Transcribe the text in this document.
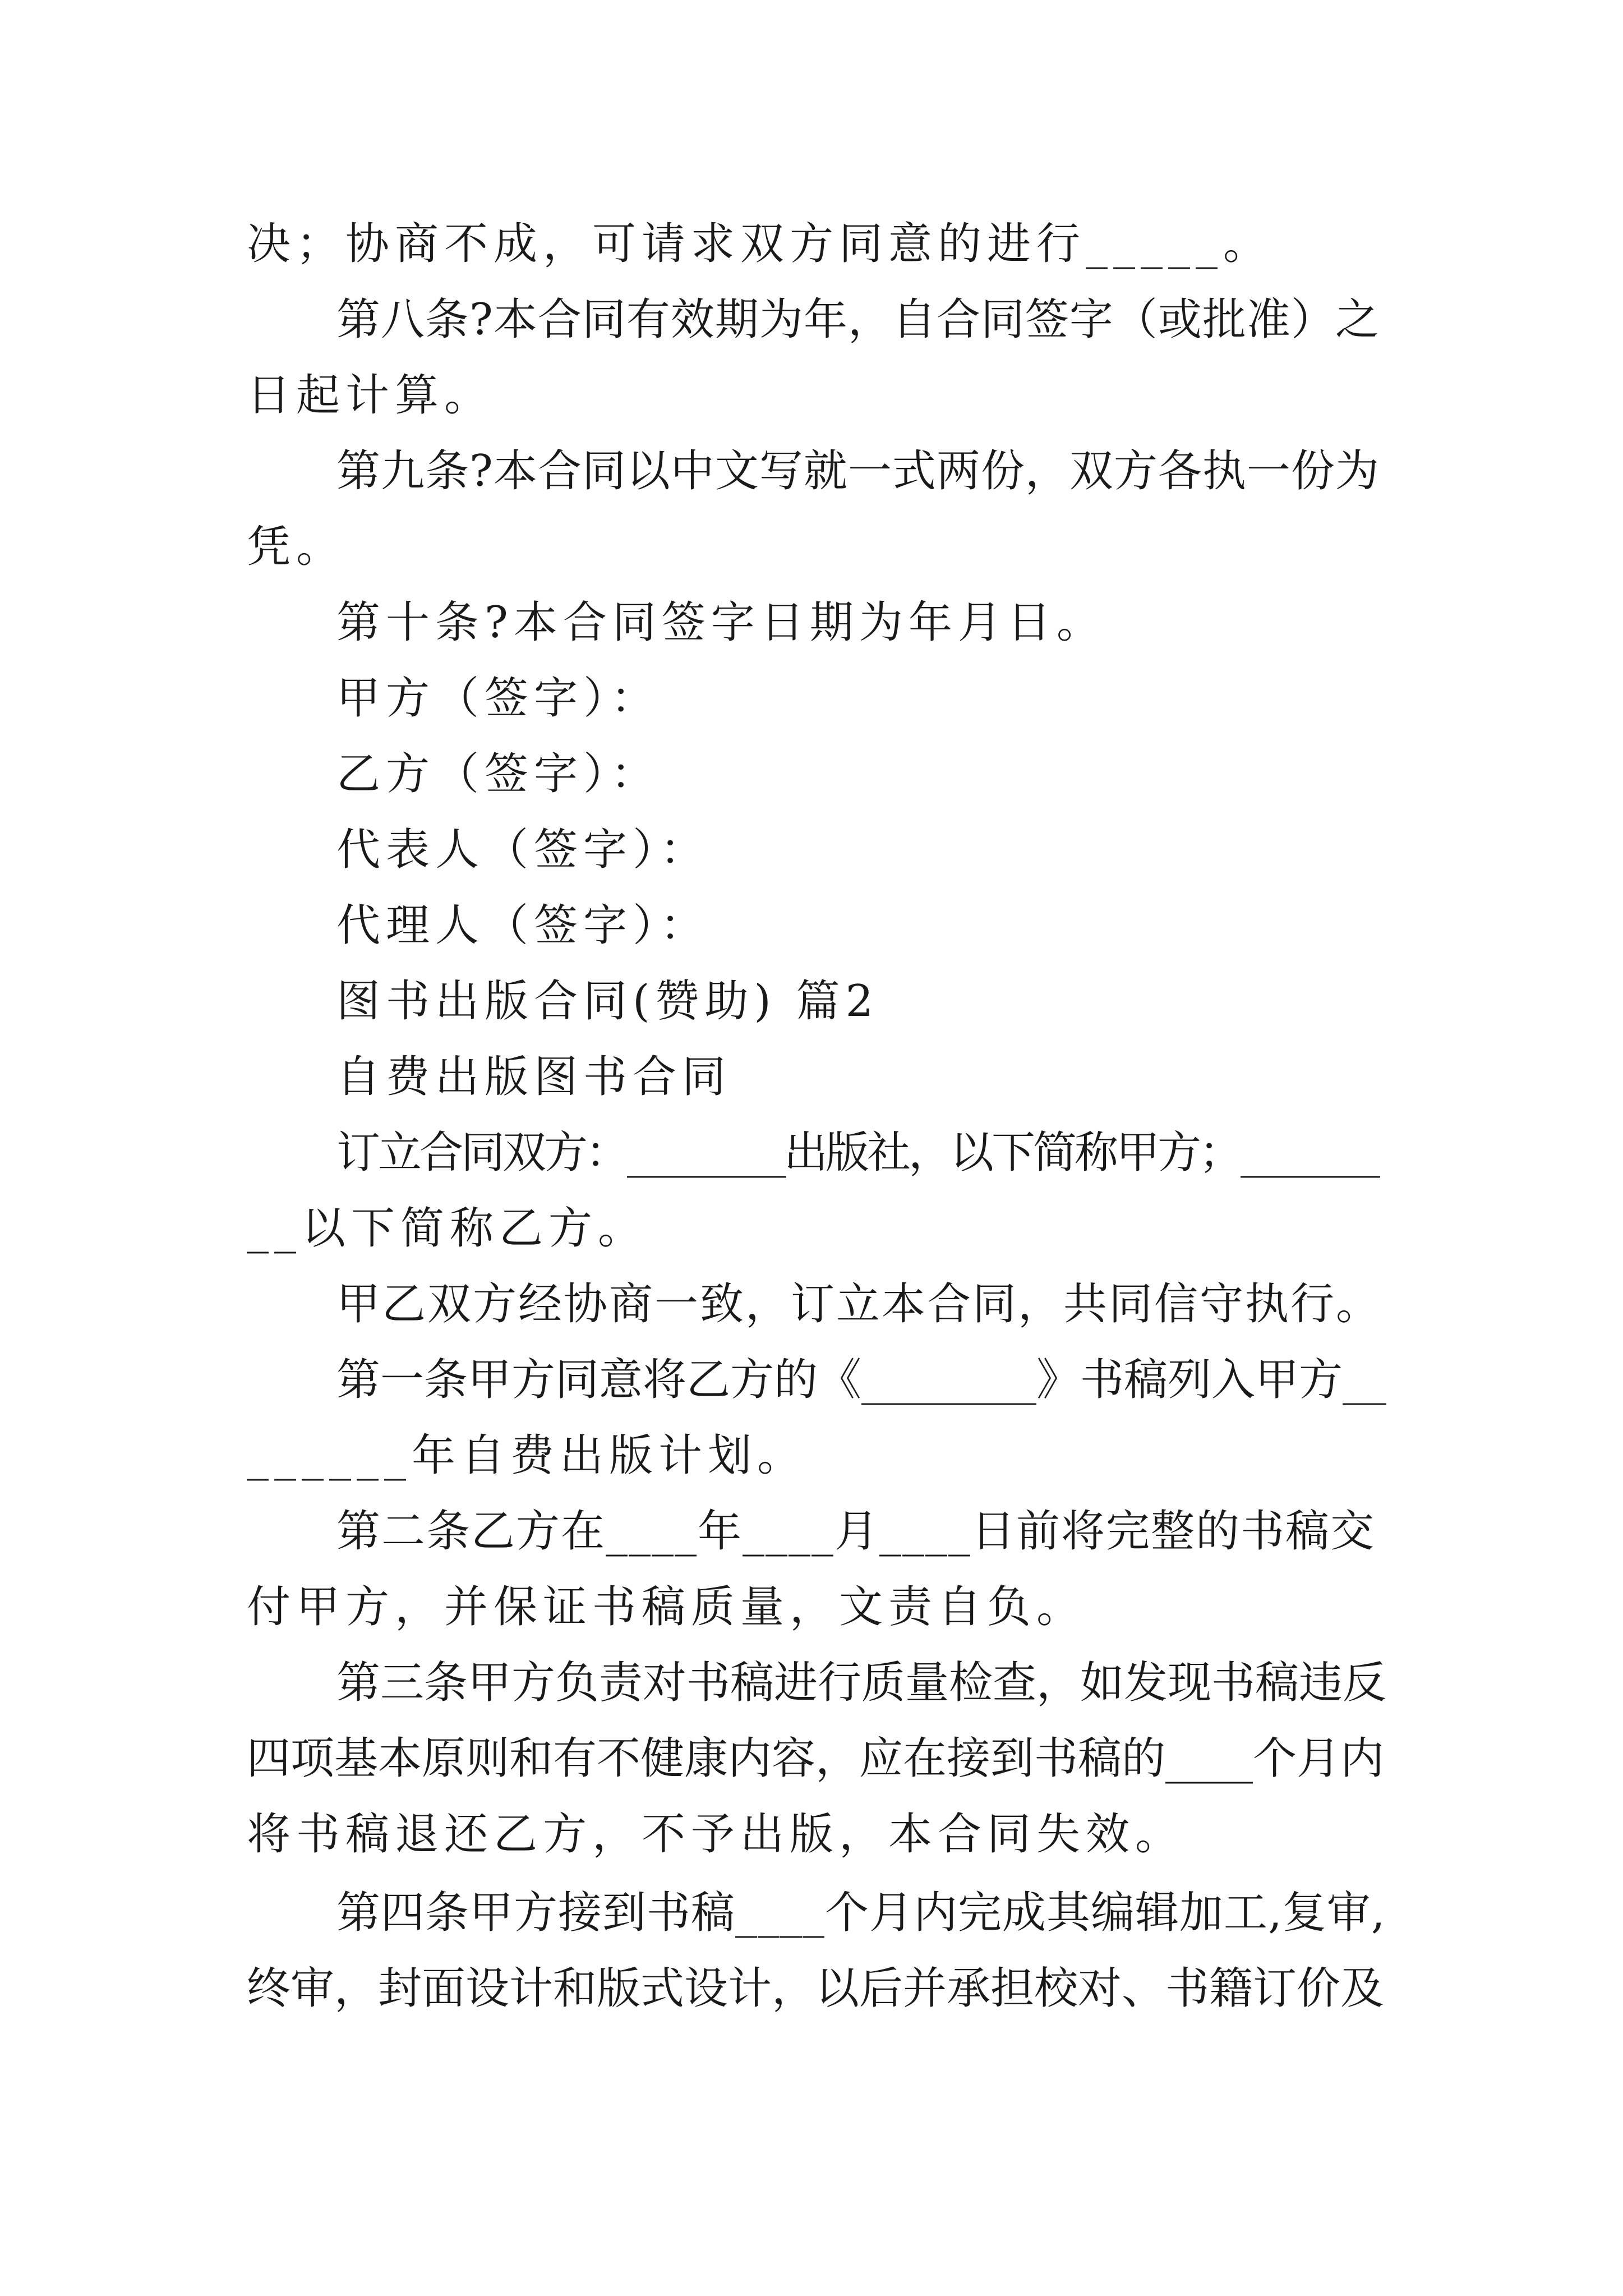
决；协商不成，可请求双方同意的进行_____。

第八条?本合同有效期为年，自合同签字（或批准）之

日起计算。

第九条?本合同以中文写就一式两份，双方各执一份为

凭。

第十条?本合同签字日期为年月日。

甲方（签字）：

乙方（签字）：

代表人（签字）：

代理人（签字）：

图书出版合同(赞助) 篇2

自费出版图书合同

订立合同双方：________出版社，以下简称甲方；_______

__以下简称乙方。

甲乙双方经协商一致，订立本合同，共同信守执行。

第一条甲方同意将乙方的《________》书稿列入甲方__

______年自费出版计划。

第二条乙方在____年____月____日前将完整的书稿交

付甲方，并保证书稿质量，文责自负。

第三条甲方负责对书稿进行质量检查，如发现书稿违反

四项基本原则和有不健康内容，应在接到书稿的____个月内

将书稿退还乙方，不予出版，本合同失效。

第四条甲方接到书稿____个月内完成其编辑加工,复审,

终审，封面设计和版式设计，以后并承担校对、书籍订价及
